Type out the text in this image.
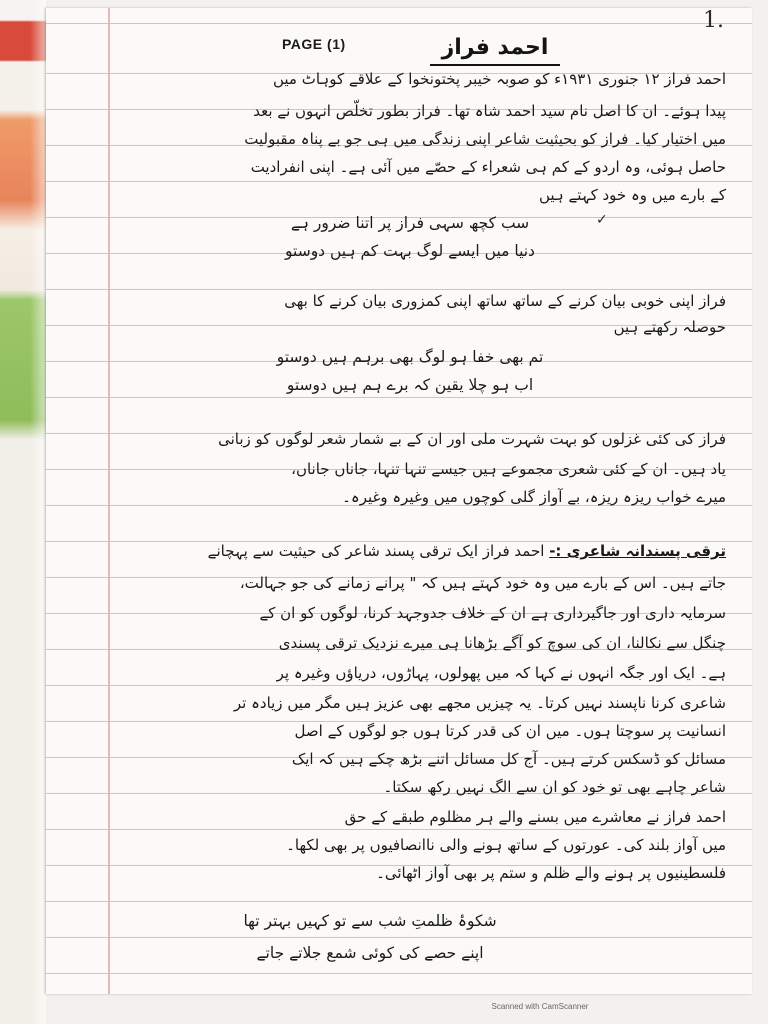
1.
PAGE (1)	احمد فراز
احمد فراز ۱۲ جنوری ۱۹۳۱ء کو صوبہ خیبر پختونخوا کے علاقے کوہاٹ میں
پیدا ہوئے۔ ان کا اصل نام سید احمد شاہ تھا۔ فراز بطور تخلّص انہوں نے بعد
میں اختیار کیا۔ فراز کو بحیثیت شاعر اپنی زندگی میں ہی جو بے پناہ مقبولیت
حاصل ہوئی، وہ اردو کے کم ہی شعراء کے حصّے میں آئی ہے۔ اپنی انفرادیت
کے بارے میں وہ خود کہتے ہیں
✓
سب کچھ سہی فراز پر اتنا ضرور ہے
دنیا میں ایسے لوگ بہت کم ہیں دوستو
فراز اپنی خوبی بیان کرنے کے ساتھ ساتھ اپنی کمزوری بیان کرنے کا بھی
حوصلہ رکھتے ہیں
تم بھی خفا ہو لوگ بھی برہم ہیں دوستو
اب ہو چلا یقین کہ برے ہم ہیں دوستو
فراز کی کئی غزلوں کو بہت شہرت ملی اور ان کے بے شمار شعر لوگوں کو زبانی
یاد ہیں۔ ان کے کئی شعری مجموعے ہیں جیسے تنہا تنہا، جاناں جاناں،
میرے خواب ریزہ ریزہ، بے آواز گلی کوچوں میں وغیرہ وغیرہ۔
ترقی پسندانہ شاعری :- احمد فراز ایک ترقی پسند شاعر کی حیثیت سے پہچانے
جاتے ہیں۔ اس کے بارے میں وہ خود کہتے ہیں کہ " پرانے زمانے کی جو جہالت،
سرمایہ داری اور جاگیرداری ہے ان کے خلاف جدوجہد کرنا، لوگوں کو ان کے
چنگل سے نکالنا، ان کی سوچ کو آگے بڑھانا ہی میرے نزدیک ترقی پسندی
ہے۔ ایک اور جگہ انہوں نے کہا کہ میں پھولوں، پہاڑوں، دریاؤں وغیرہ پر
شاعری کرنا ناپسند نہیں کرتا۔ یہ چیزیں مجھے بھی عزیز ہیں مگر میں زیادہ تر
انسانیت پر سوچتا ہوں۔ میں ان کی قدر کرتا ہوں جو لوگوں کے اصل
مسائل کو ڈسکس کرتے ہیں۔ آج کل مسائل اتنے بڑھ چکے ہیں کہ ایک
شاعر چاہے بھی تو خود کو ان سے الگ نہیں رکھ سکتا۔
احمد فراز نے معاشرے میں بسنے والے ہر مظلوم طبقے کے حق
میں آواز بلند کی۔ عورتوں کے ساتھ ہونے والی ناانصافیوں پر بھی لکھا۔
فلسطینیوں پر ہونے والے ظلم و ستم پر بھی آواز اٹھائی۔
شکوۂ ظلمتِ شب سے تو کہیں بہتر تھا
اپنے حصے کی کوئی شمع جلاتے جاتے
Scanned with CamScanner
